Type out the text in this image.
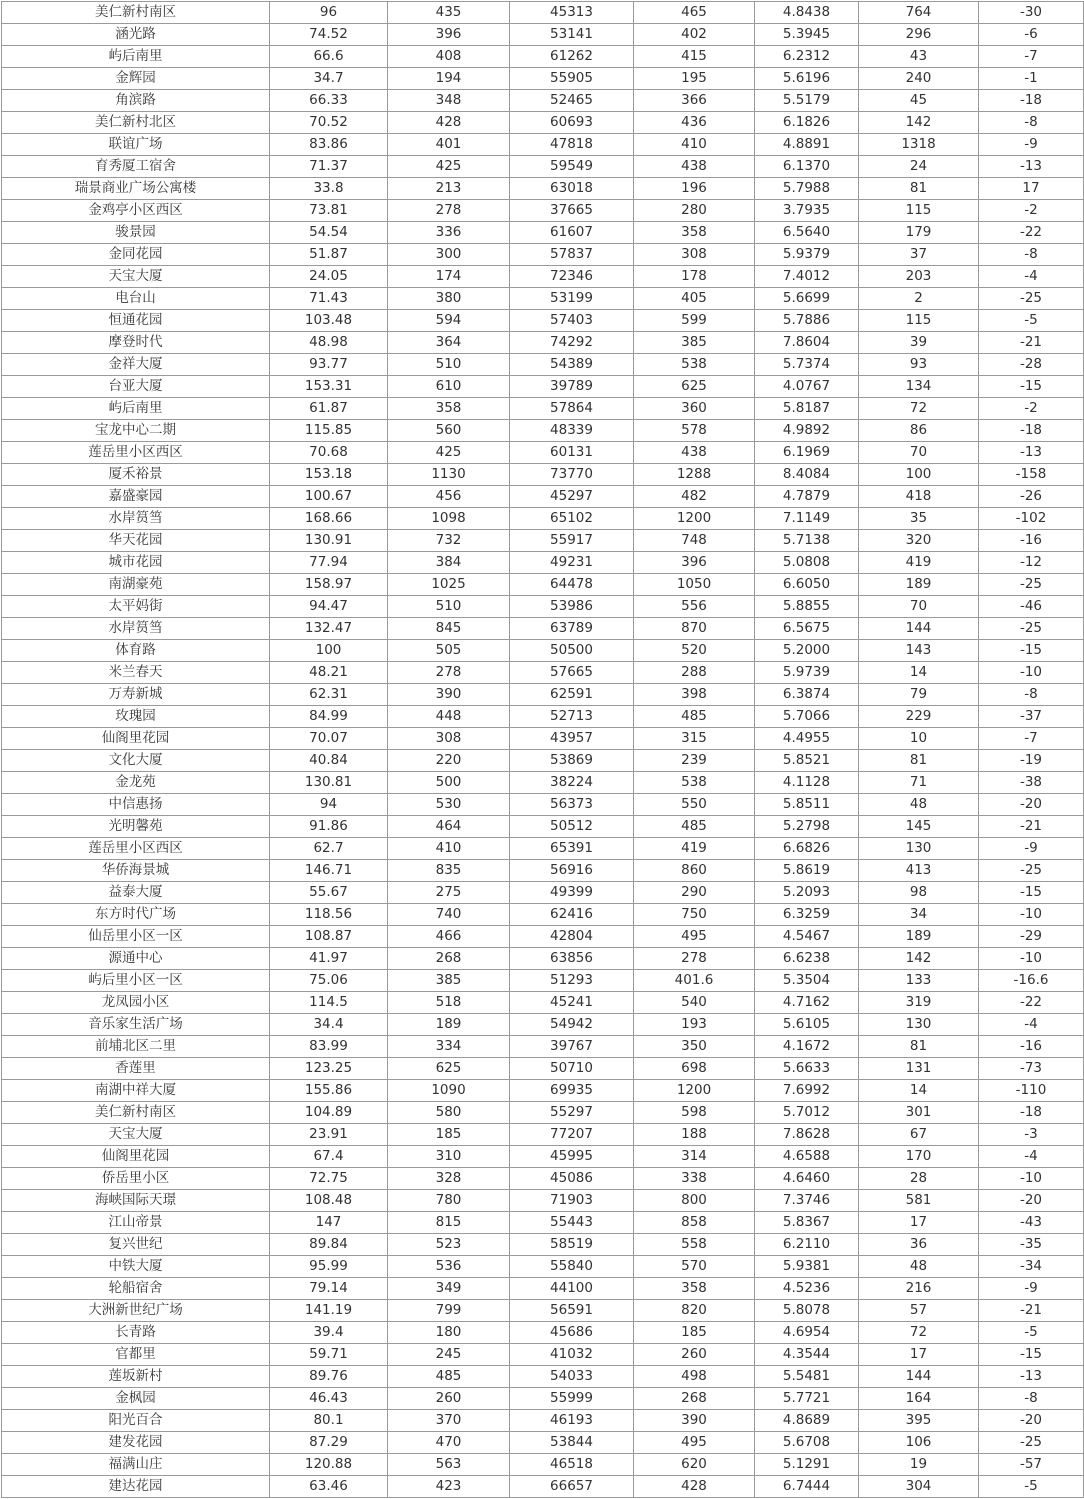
美仁新村南区	96	435	45313	465	4.8438	764	-30
涵光路	74.52	396	53141	402	5.3945	296	-6
屿后南里	66.6	408	61262	415	6.2312	43	-7
金辉园	34.7	194	55905	195	5.6196	240	-1
角滨路	66.33	348	52465	366	5.5179	45	-18
美仁新村北区	70.52	428	60693	436	6.1826	142	-8
联谊广场	83.86	401	47818	410	4.8891	1318	-9
育秀厦工宿舍	71.37	425	59549	438	6.1370	24	-13
瑞景商业广场公寓楼	33.8	213	63018	196	5.7988	81	17
金鸡亭小区西区	73.81	278	37665	280	3.7935	115	-2
骏景园	54.54	336	61607	358	6.5640	179	-22
金同花园	51.87	300	57837	308	5.9379	37	-8
天宝大厦	24.05	174	72346	178	7.4012	203	-4
电台山	71.43	380	53199	405	5.6699	2	-25
恒通花园	103.48	594	57403	599	5.7886	115	-5
摩登时代	48.98	364	74292	385	7.8604	39	-21
金祥大厦	93.77	510	54389	538	5.7374	93	-28
台亚大厦	153.31	610	39789	625	4.0767	134	-15
屿后南里	61.87	358	57864	360	5.8187	72	-2
宝龙中心二期	115.85	560	48339	578	4.9892	86	-18
莲岳里小区西区	70.68	425	60131	438	6.1969	70	-13
厦禾裕景	153.18	1130	73770	1288	8.4084	100	-158
嘉盛豪园	100.67	456	45297	482	4.7879	418	-26
水岸筼筜	168.66	1098	65102	1200	7.1149	35	-102
华天花园	130.91	732	55917	748	5.7138	320	-16
城市花园	77.94	384	49231	396	5.0808	419	-12
南湖豪苑	158.97	1025	64478	1050	6.6050	189	-25
太平妈街	94.47	510	53986	556	5.8855	70	-46
水岸筼筜	132.47	845	63789	870	6.5675	144	-25
体育路	100	505	50500	520	5.2000	143	-15
米兰春天	48.21	278	57665	288	5.9739	14	-10
万寿新城	62.31	390	62591	398	6.3874	79	-8
玫瑰园	84.99	448	52713	485	5.7066	229	-37
仙阁里花园	70.07	308	43957	315	4.4955	10	-7
文化大厦	40.84	220	53869	239	5.8521	81	-19
金龙苑	130.81	500	38224	538	4.1128	71	-38
中信惠扬	94	530	56373	550	5.8511	48	-20
光明馨苑	91.86	464	50512	485	5.2798	145	-21
莲岳里小区西区	62.7	410	65391	419	6.6826	130	-9
华侨海景城	146.71	835	56916	860	5.8619	413	-25
益泰大厦	55.67	275	49399	290	5.2093	98	-15
东方时代广场	118.56	740	62416	750	6.3259	34	-10
仙岳里小区一区	108.87	466	42804	495	4.5467	189	-29
源通中心	41.97	268	63856	278	6.6238	142	-10
屿后里小区一区	75.06	385	51293	401.6	5.3504	133	-16.6
龙凤园小区	114.5	518	45241	540	4.7162	319	-22
音乐家生活广场	34.4	189	54942	193	5.6105	130	-4
前埔北区二里	83.99	334	39767	350	4.1672	81	-16
香莲里	123.25	625	50710	698	5.6633	131	-73
南湖中祥大厦	155.86	1090	69935	1200	7.6992	14	-110
美仁新村南区	104.89	580	55297	598	5.7012	301	-18
天宝大厦	23.91	185	77207	188	7.8628	67	-3
仙阁里花园	67.4	310	45995	314	4.6588	170	-4
侨岳里小区	72.75	328	45086	338	4.6460	28	-10
海峡国际天璟	108.48	780	71903	800	7.3746	581	-20
江山帝景	147	815	55443	858	5.8367	17	-43
复兴世纪	89.84	523	58519	558	6.2110	36	-35
中铁大厦	95.99	536	55840	570	5.9381	48	-34
轮船宿舍	79.14	349	44100	358	4.5236	216	-9
大洲新世纪广场	141.19	799	56591	820	5.8078	57	-21
长青路	39.4	180	45686	185	4.6954	72	-5
官都里	59.71	245	41032	260	4.3544	17	-15
莲坂新村	89.76	485	54033	498	5.5481	144	-13
金枫园	46.43	260	55999	268	5.7721	164	-8
阳光百合	80.1	370	46193	390	4.8689	395	-20
建发花园	87.29	470	53844	495	5.6708	106	-25
福满山庄	120.88	563	46518	620	5.1291	19	-57
建达花园	63.46	423	66657	428	6.7444	304	-5
